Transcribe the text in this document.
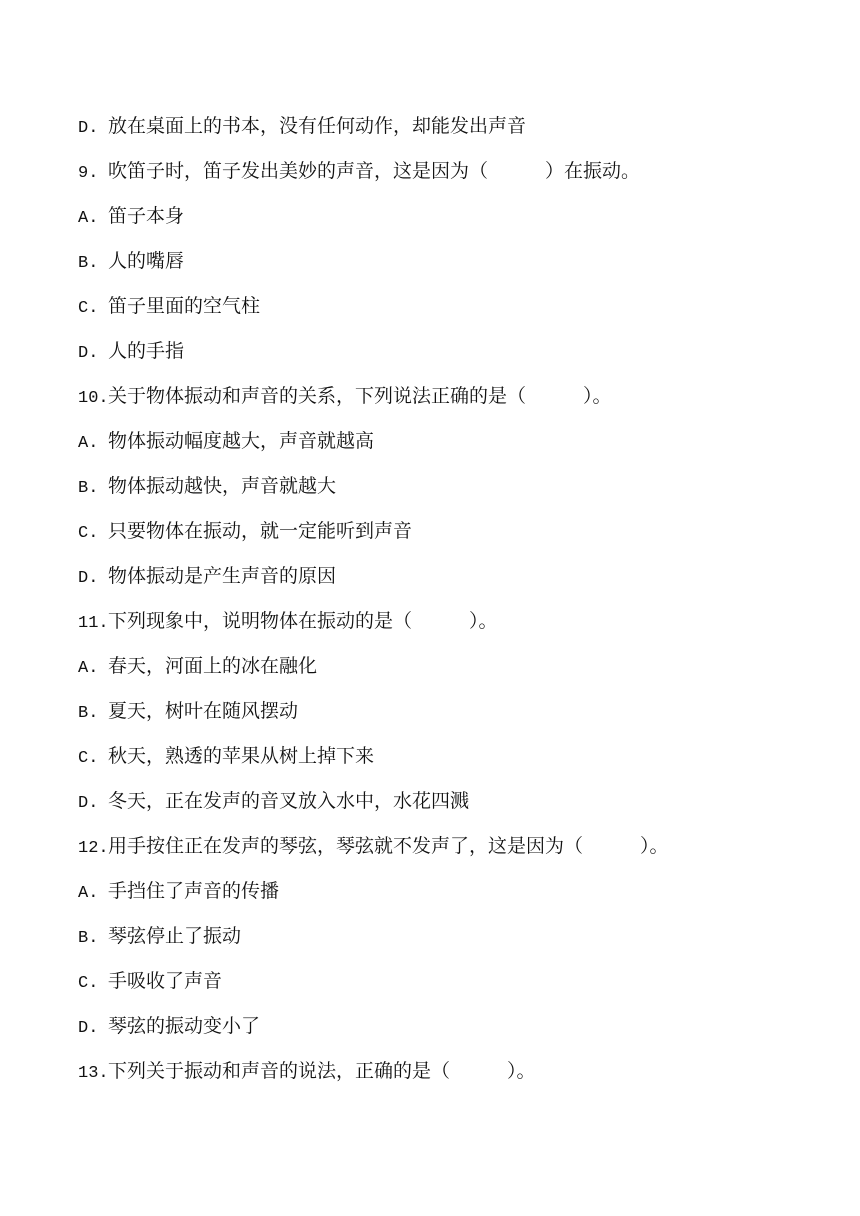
D. 放在桌面上的书本，没有任何动作，却能发出声音
9. 吹笛子时，笛子发出美妙的声音，这是因为（　　　）在振动。
A. 笛子本身
B. 人的嘴唇
C. 笛子里面的空气柱
D. 人的手指
10.关于物体振动和声音的关系，下列说法正确的是（　　　）。
A. 物体振动幅度越大，声音就越高
B. 物体振动越快，声音就越大
C. 只要物体在振动，就一定能听到声音
D. 物体振动是产生声音的原因
11.下列现象中，说明物体在振动的是（　　　）。
A. 春天，河面上的冰在融化
B. 夏天，树叶在随风摆动
C. 秋天，熟透的苹果从树上掉下来
D. 冬天，正在发声的音叉放入水中，水花四溅
12.用手按住正在发声的琴弦，琴弦就不发声了，这是因为（　　　）。
A. 手挡住了声音的传播
B. 琴弦停止了振动
C. 手吸收了声音
D. 琴弦的振动变小了
13.下列关于振动和声音的说法，正确的是（　　　）。
